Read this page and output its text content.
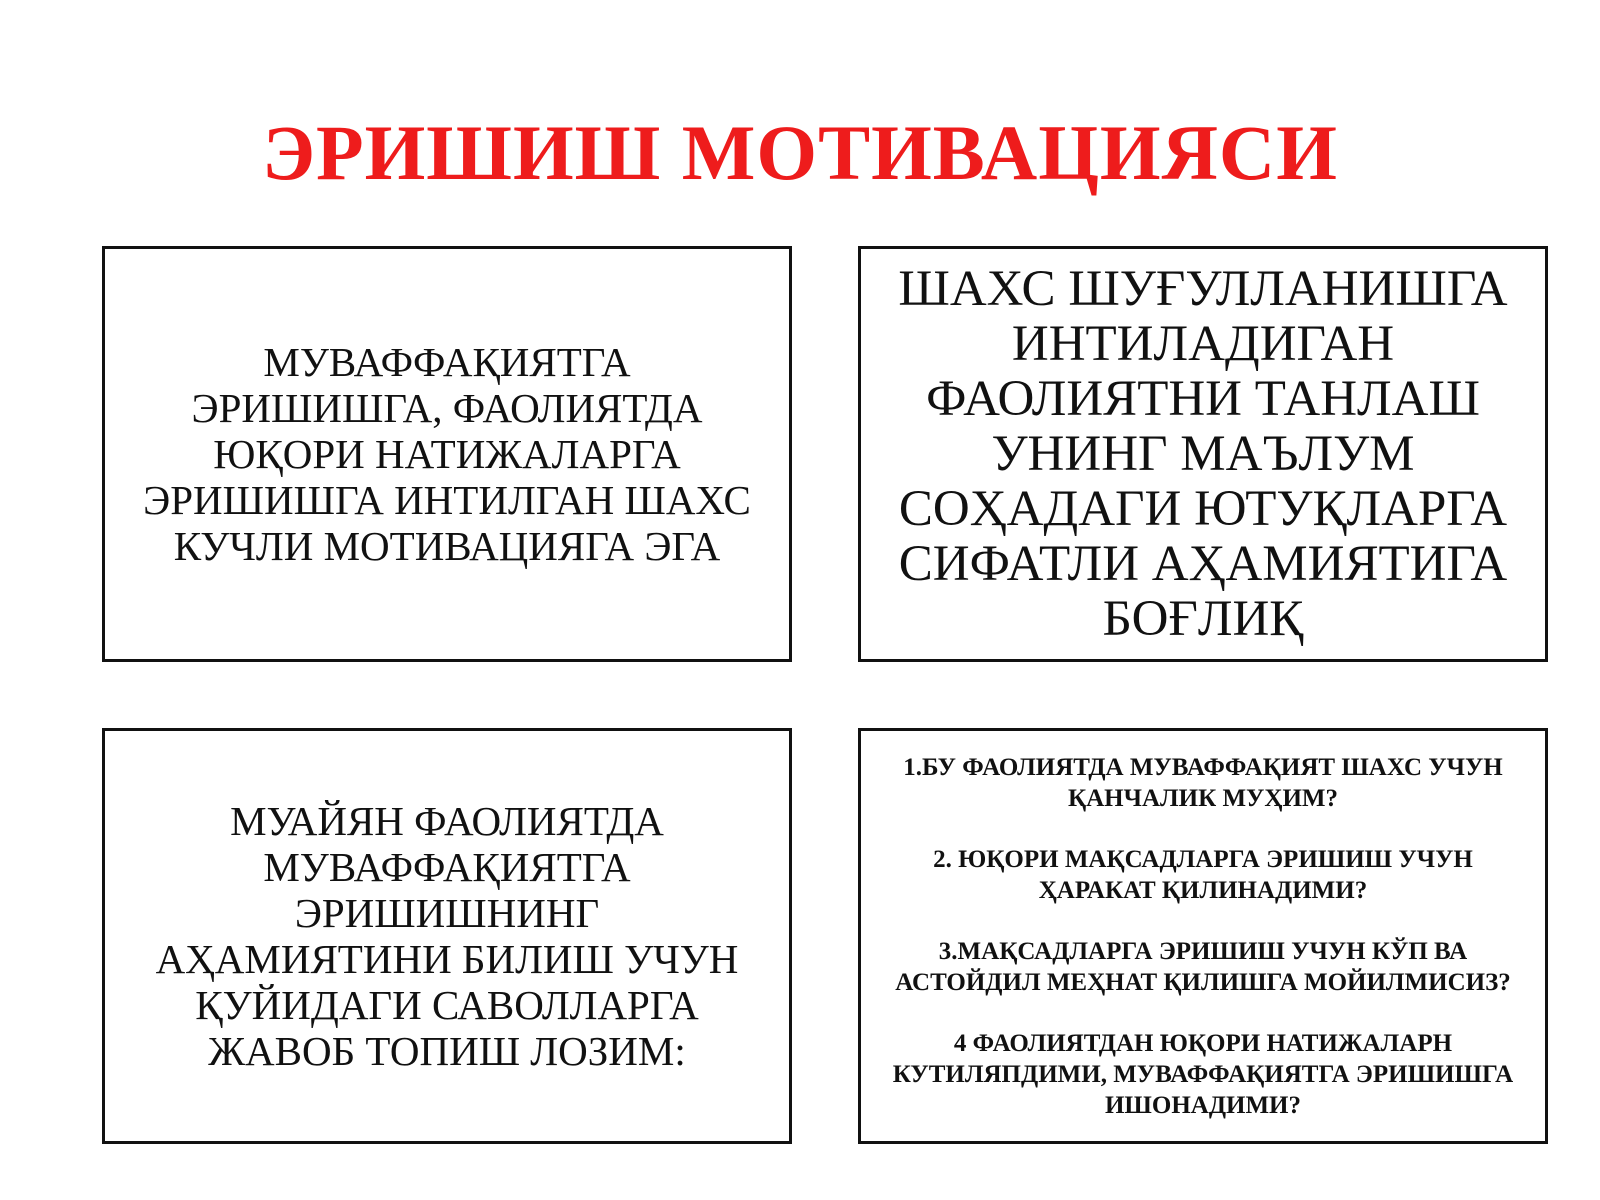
ЭРИШИШ МОТИВАЦИЯСИ

МУВАФФАҚИЯТГА
ЭРИШИШГА, ФАОЛИЯТДА
ЮҚОРИ НАТИЖАЛАРГА
ЭРИШИШГА ИНТИЛГАН ШАХС
КУЧЛИ МОТИВАЦИЯГА ЭГА

ШАХС ШУҒУЛЛАНИШГА
ИНТИЛАДИГАН
ФАОЛИЯТНИ ТАНЛАШ
УНИНГ МАЪЛУМ
СОҲАДАГИ ЮТУҚЛАРГА
СИФАТЛИ АҲАМИЯТИГА
БОҒЛИҚ

МУАЙЯН ФАОЛИЯТДА
МУВАФФАҚИЯТГА
ЭРИШИШНИНГ
АҲАМИЯТИНИ БИЛИШ УЧУН
ҚУЙИДАГИ САВОЛЛАРГА
ЖАВОБ ТОПИШ ЛОЗИМ:

1.БУ ФАОЛИЯТДА МУВАФФАҚИЯТ ШАХС УЧУН
ҚАНЧАЛИК МУҲИМ?

2. ЮҚОРИ МАҚСАДЛАРГА ЭРИШИШ УЧУН
ҲАРАКАТ ҚИЛИНАДИМИ?

3.МАҚСАДЛАРГА ЭРИШИШ УЧУН КЎП ВА
АСТОЙДИЛ МЕҲНАТ ҚИЛИШГА МОЙИЛМИСИЗ?

4 ФАОЛИЯТДАН ЮҚОРИ НАТИЖАЛАРН
КУТИЛЯПДИМИ, МУВАФФАҚИЯТГА ЭРИШИШГА
ИШОНАДИМИ?
